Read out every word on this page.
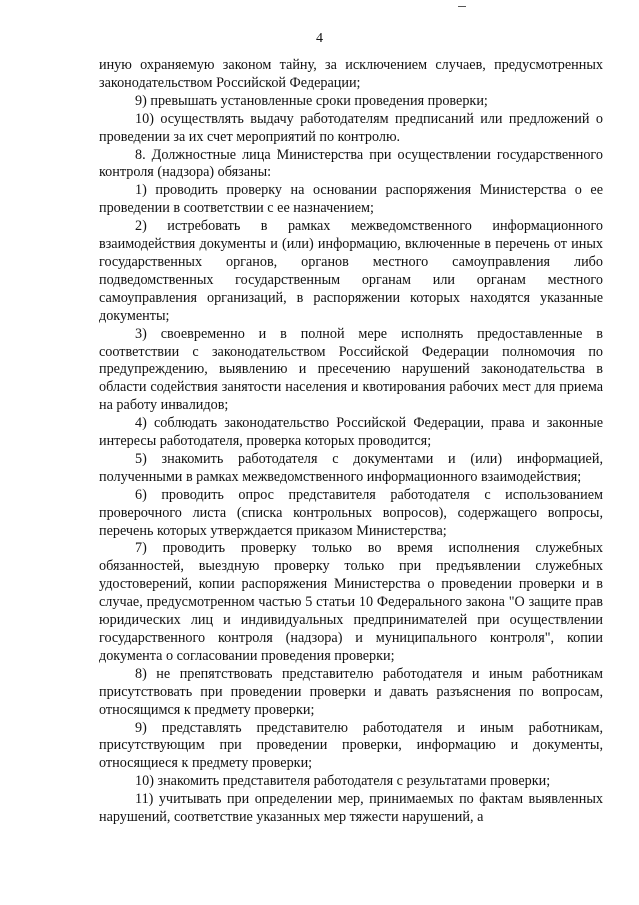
4

иную охраняемую законом тайну, за исключением случаев, предусмотренных законодательством Российской Федерации;

9) превышать установленные сроки проведения проверки;

10) осуществлять выдачу работодателям предписаний или предложений о проведении за их счет мероприятий по контролю.

8. Должностные лица Министерства при осуществлении государственного контроля (надзора) обязаны:

1) проводить проверку на основании распоряжения Министерства о ее проведении в соответствии с ее назначением;

2) истребовать в рамках межведомственного информационного взаимодействия документы и (или) информацию, включенные в перечень от иных государственных органов, органов местного самоуправления либо подведомственных государственным органам или органам местного самоуправления организаций, в распоряжении которых находятся указанные документы;

3) своевременно и в полной мере исполнять предоставленные в соответствии с законодательством Российской Федерации полномочия по предупреждению, выявлению и пресечению нарушений законодательства в области содействия занятости населения и квотирования рабочих мест для приема на работу инвалидов;

4) соблюдать законодательство Российской Федерации, права и законные интересы работодателя, проверка которых проводится;

5) знакомить работодателя с документами и (или) информацией, полученными в рамках межведомственного информационного взаимодействия;

6) проводить опрос представителя работодателя с использованием проверочного листа (списка контрольных вопросов), содержащего вопросы, перечень которых утверждается приказом Министерства;

7) проводить проверку только во время исполнения служебных обязанностей, выездную проверку только при предъявлении служебных удостоверений, копии распоряжения Министерства о проведении проверки и в случае, предусмотренном частью 5 статьи 10 Федерального закона "О защите прав юридических лиц и индивидуальных предпринимателей при осуществлении государственного контроля (надзора) и муниципального контроля", копии документа о согласовании проведения проверки;

8) не препятствовать представителю работодателя и иным работникам присутствовать при проведении проверки и давать разъяснения по вопросам, относящимся к предмету проверки;

9) представлять представителю работодателя и иным работникам, присутствующим при проведении проверки, информацию и документы, относящиеся к предмету проверки;

10) знакомить представителя работодателя с результатами проверки;

11) учитывать при определении мер, принимаемых по фактам выявленных нарушений, соответствие указанных мер тяжести нарушений, а
